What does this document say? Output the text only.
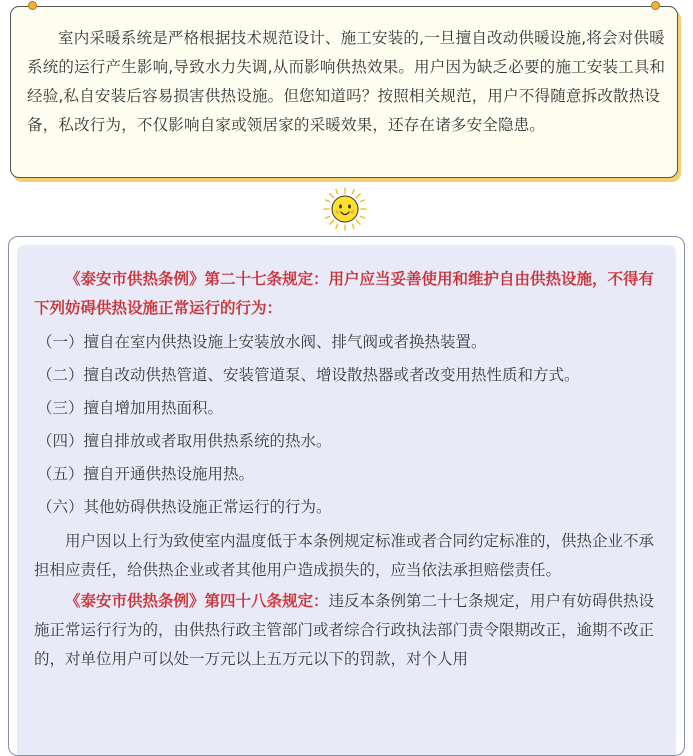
室内采暖系统是严格根据技术规范设计、施工安装的,一旦擅自改动供暖设施,将会对供暖系统的运行产生影响,导致水力失调,从而影响供热效果。用户因为缺乏必要的施工安装工具和经验,私自安装后容易损害供热设施。但您知道吗？按照相关规范，用户不得随意拆改散热设备，私改行为，不仅影响自家或领居家的采暖效果，还存在诸多安全隐患。

《泰安市供热条例》第二十七条规定：用户应当妥善使用和维护自由供热设施，不得有下列妨碍供热设施正常运行的行为：

（一）擅自在室内供热设施上安装放水阀、排气阀或者换热装置。

（二）擅自改动供热管道、安装管道泵、增设散热器或者改变用热性质和方式。

（三）擅自增加用热面积。

（四）擅自排放或者取用供热系统的热水。

（五）擅自开通供热设施用热。

（六）其他妨碍供热设施正常运行的行为。

用户因以上行为致使室内温度低于本条例规定标准或者合同约定标准的，供热企业不承担相应责任，给供热企业或者其他用户造成损失的，应当依法承担赔偿责任。

《泰安市供热条例》第四十八条规定：违反本条例第二十七条规定，用户有妨碍供热设施正常运行行为的，由供热行政主管部门或者综合行政执法部门责令限期改正，逾期不改正的，对单位用户可以处一万元以上五万元以下的罚款，对个人用
